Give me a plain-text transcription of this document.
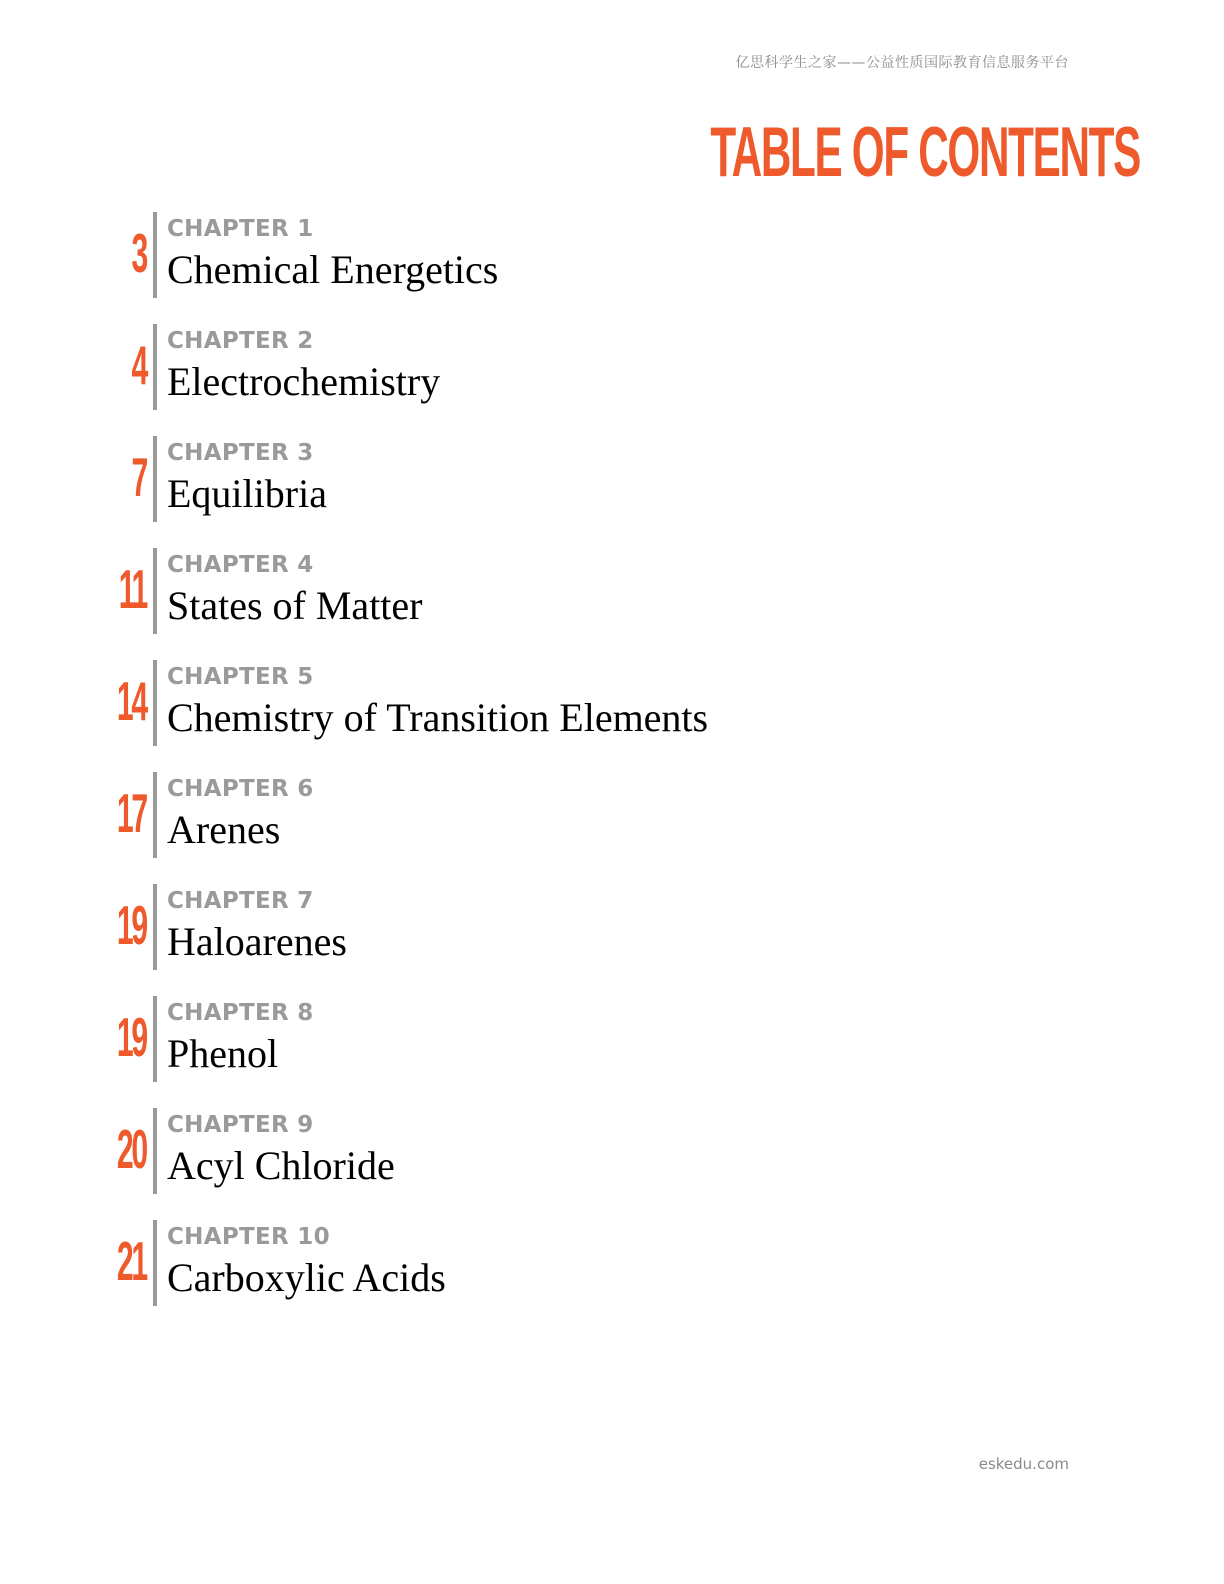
亿思科学生之家——公益性质国际教育信息服务平台
TABLE OF CONTENTS
3 CHAPTER 1
Chemical Energetics
4 CHAPTER 2
Electrochemistry
7 CHAPTER 3
Equilibria
11 CHAPTER 4
States of Matter
14 CHAPTER 5
Chemistry of Transition Elements
17 CHAPTER 6
Arenes
19 CHAPTER 7
Haloarenes
19 CHAPTER 8
Phenol
20 CHAPTER 9
Acyl Chloride
21 CHAPTER 10
Carboxylic Acids
eskedu.com
